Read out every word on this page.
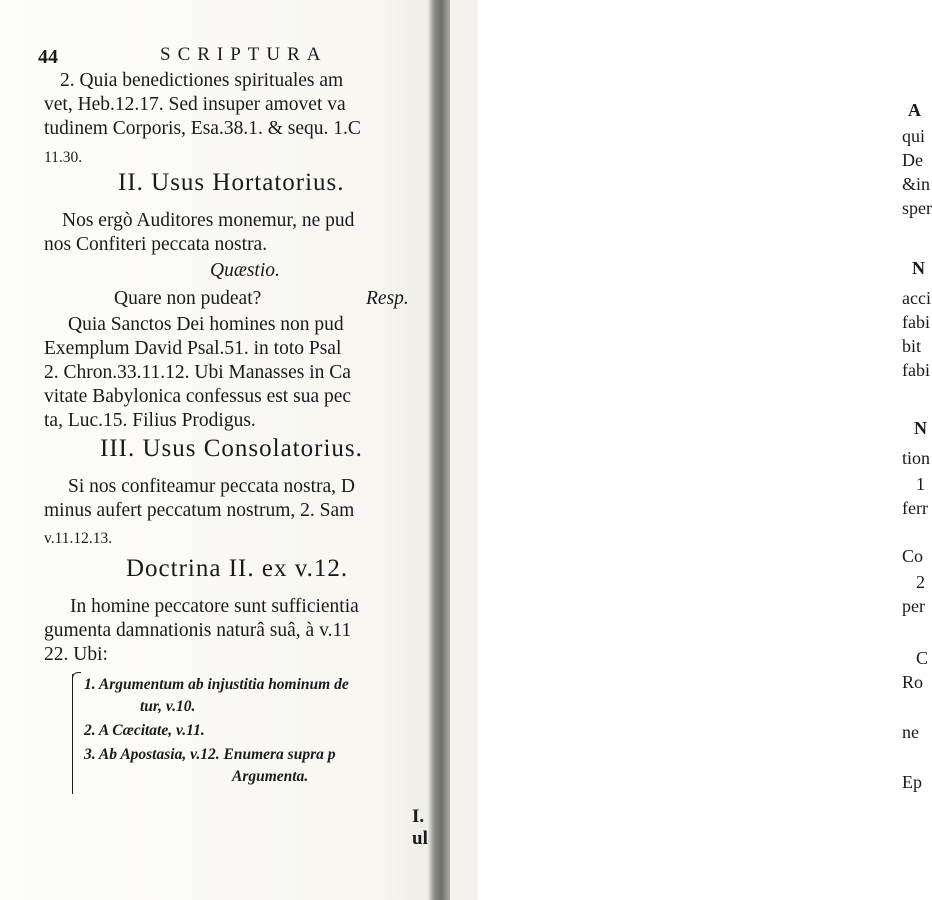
44	SCRIPTURA
2. Quia benedictiones spirituales am
vet, Heb.12.17. Sed insuper amovet va
tudinem Corporis, Esa.38.1. & sequ. 1.C
11.30.
II. Usus Hortatorius.
Nos ergò Auditores monemur, ne pud
nos Confiteri peccata nostra.
Quæstio.
Quare non pudeat?	Resp.
Quia Sanctos Dei homines non pud
Exemplum David Psal.51. in toto Psal
2. Chron.33.11.12. Ubi Manasses in Ca
vitate Babylonica confessus est sua pec
ta, Luc.15. Filius Prodigus.
III. Usus Consolatorius.
Si nos confiteamur peccata nostra, D
minus aufert peccatum nostrum, 2. Sam
v.11.12.13.
Doctrina II. ex v.12.
In homine peccatore sunt sufficientia
gumenta damnationis naturâ suâ, à v.11
22. Ubi:
1. Argumentum ab injustitia hominum de
tur, v.10.
2. A Cæcitate, v.11.
3. Ab Apostasia, v.12. Enumera supra p
Argumenta.
I. ul
A
qui
De
&in
sper
N
acci
fabi
bit
fabi
N
tion
1
ferr
Co
2
per
C
Ro
ne
Ep
